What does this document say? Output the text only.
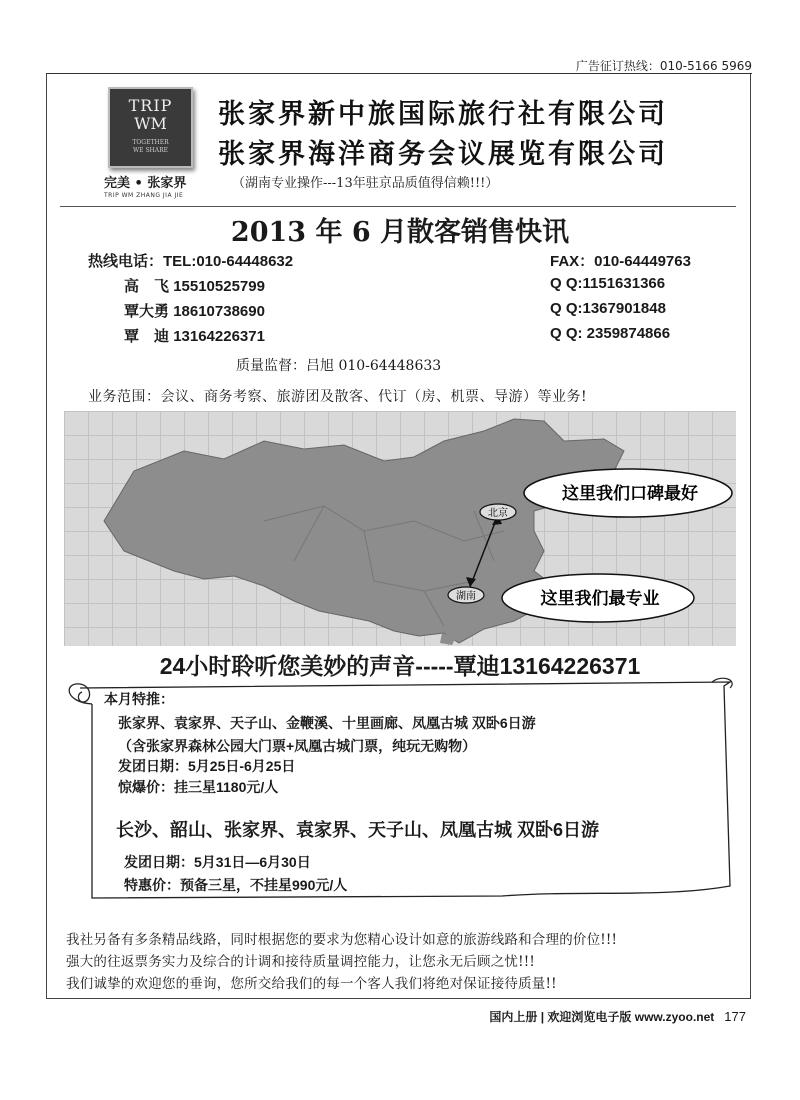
广告征订热线：010-5166 5969
TRIP
WM
TOGETHER
WE SHARE
完美 • 张家界
TRIP WM ZHANG JIA JIE
张家界新中旅国际旅行社有限公司
张家界海洋商务会议展览有限公司
（湖南专业操作---13年驻京品质值得信赖!!!）
2013 年 6 月散客销售快讯
热线电话：TEL:010-64448632	FAX：010-64449763
高　飞 15510525799	Q Q:1151631366
覃大勇 18610738690	Q Q:1367901848
覃　迪 13164226371	Q Q: 2359874866
质量监督：吕旭 010-64448633
业务范围：会议、商务考察、旅游团及散客、代订（房、机票、导游）等业务!
北京
湖南
这里我们口碑最好
这里我们最专业
24小时聆听您美妙的声音-----覃迪13164226371
本月特推：
张家界、袁家界、天子山、金鞭溪、十里画廊、凤凰古城 双卧6日游
（含张家界森林公园大门票+凤凰古城门票，纯玩无购物）
发团日期：5月25日-6月25日
惊爆价：挂三星1180元/人
长沙、韶山、张家界、袁家界、天子山、凤凰古城 双卧6日游
发团日期：5月31日—6月30日
特惠价：预备三星，不挂星990元/人
我社另备有多条精品线路，同时根据您的要求为您精心设计如意的旅游线路和合理的价位!!!
强大的往返票务实力及综合的计调和接待质量调控能力，让您永无后顾之忧!!!
我们诚挚的欢迎您的垂询，您所交给我们的每一个客人我们将绝对保证接待质量!!
国内上册 | 欢迎浏览电子版 www.zyoo.net 177
